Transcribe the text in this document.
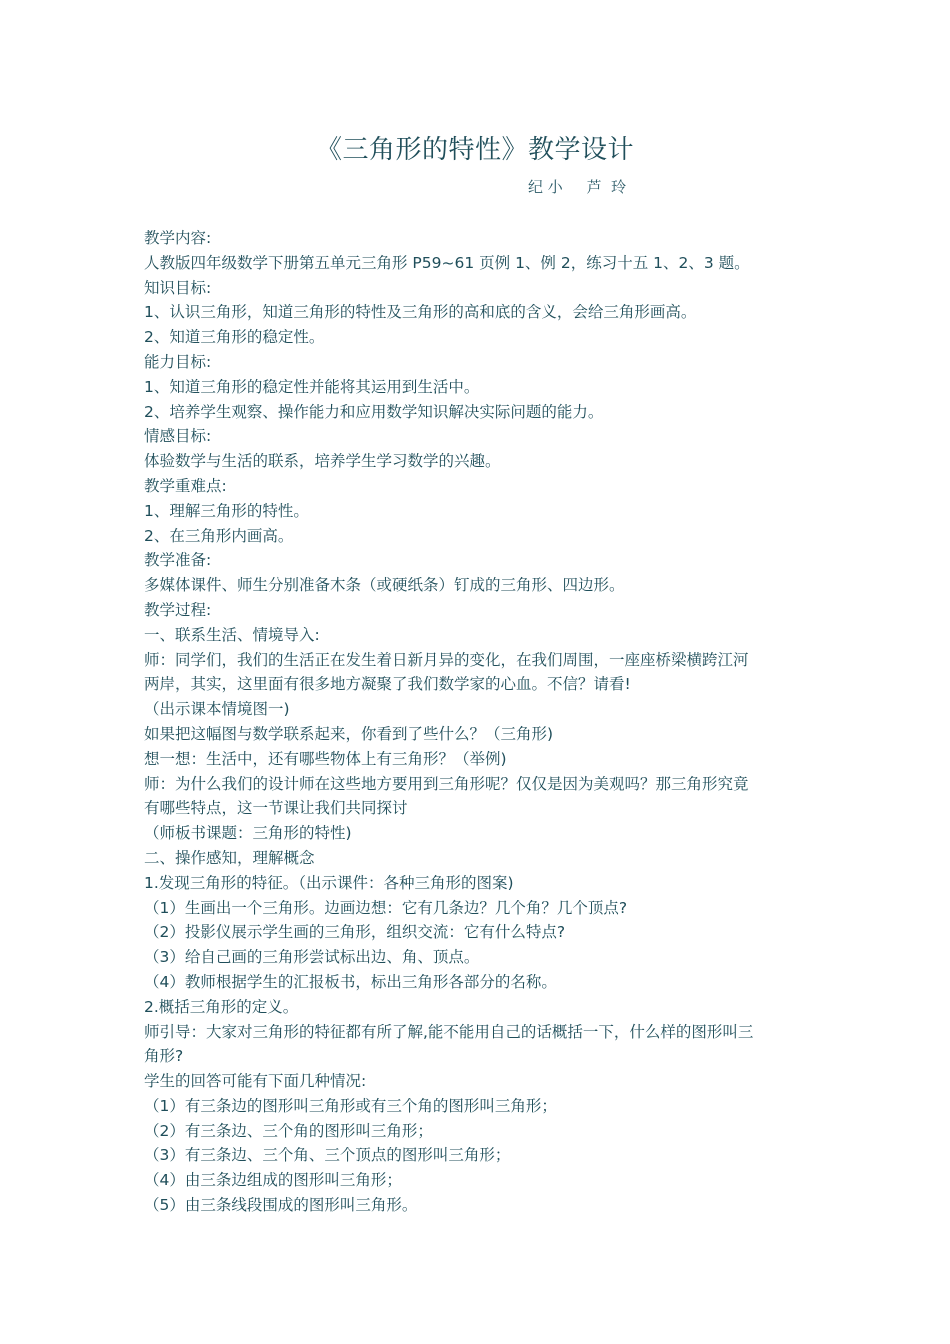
《三角形的特性》教学设计
纪 小     芦  玲
教学内容:
人教版四年级数学下册第五单元三角形 P59~61 页例 1、例 2，练习十五 1、2、3 题。
知识目标:
1、认识三角形，知道三角形的特性及三角形的高和底的含义，会给三角形画高。
2、知道三角形的稳定性。
能力目标:
1、知道三角形的稳定性并能将其运用到生活中。
2、培养学生观察、操作能力和应用数学知识解决实际问题的能力。
情感目标:
体验数学与生活的联系，培养学生学习数学的兴趣。
教学重难点:
1、理解三角形的特性。
2、在三角形内画高。
教学准备:
多媒体课件、师生分别准备木条（或硬纸条）钉成的三角形、四边形。
教学过程:
一、联系生活、情境导入:
师：同学们，我们的生活正在发生着日新月异的变化，在我们周围，一座座桥梁横跨江河
两岸，其实，这里面有很多地方凝聚了我们数学家的心血。不信？请看!
（出示课本情境图一)
如果把这幅图与数学联系起来，你看到了些什么？（三角形)
想一想：生活中，还有哪些物体上有三角形？（举例)
师：为什么我们的设计师在这些地方要用到三角形呢？仅仅是因为美观吗？那三角形究竟
有哪些特点，这一节课让我们共同探讨
（师板书课题：三角形的特性)
二、操作感知，理解概念
1.发现三角形的特征。（出示课件：各种三角形的图案)
（1）生画出一个三角形。边画边想：它有几条边？几个角？几个顶点?
（2）投影仪展示学生画的三角形，组织交流：它有什么特点?
（3）给自己画的三角形尝试标出边、角、顶点。
（4）教师根据学生的汇报板书，标出三角形各部分的名称。
2.概括三角形的定义。
师引导：大家对三角形的特征都有所了解,能不能用自己的话概括一下，什么样的图形叫三
角形?
学生的回答可能有下面几种情况:
（1）有三条边的图形叫三角形或有三个角的图形叫三角形；
（2）有三条边、三个角的图形叫三角形；
（3）有三条边、三个角、三个顶点的图形叫三角形；
（4）由三条边组成的图形叫三角形；
（5）由三条线段围成的图形叫三角形。
